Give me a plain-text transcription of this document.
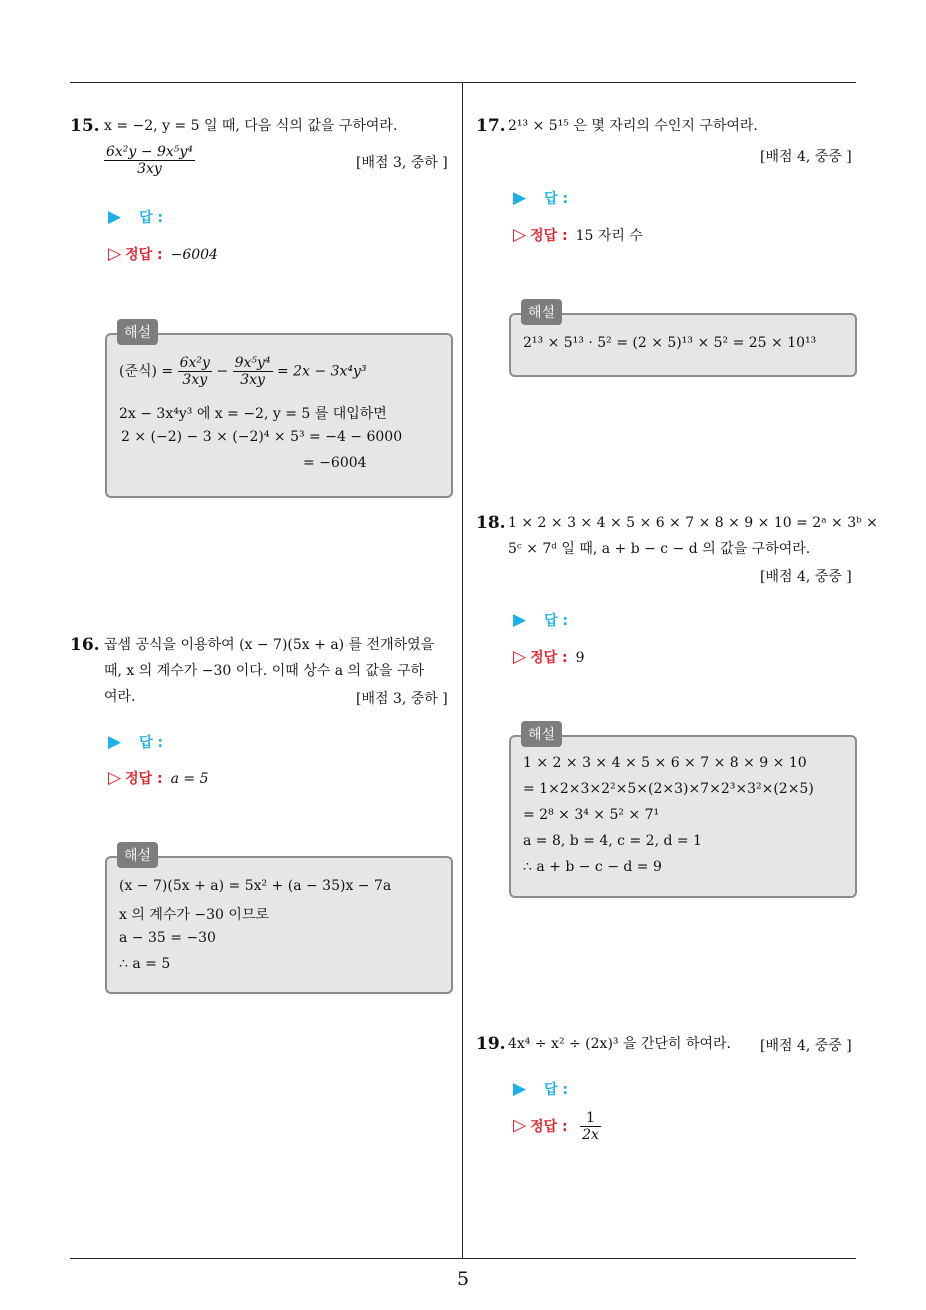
5
15. x = −2, y = 5 일 때, 다음 식의 값을 구하여라.
$\frac{\text{6x²y − 9x⁵y⁴}}{3xy}$	[배점 3, 중하 ]
▶ 답 :
▷ 정답 : −6004
해설
(준식) = $\frac{\text{6x²y}}{3xy} - \frac{\text{9x⁵y⁴}}{3xy} = 2x - 3x^4y^3$
2x − 3x⁴y³ 에 x = −2, y = 5 를 대입하면
2 × (−2) − 3 × (−2)⁴ × 5³ = −4 − 6000
= −6004
16. 곱셈 공식을 이용하여 (x − 7)(5x + a) 를 전개하였을
때, x 의 계수가 −30 이다. 이때 상수 a 의 값을 구하
여라.	[배점 3, 중하 ]
▶ 답 :
▷ 정답 : a = 5
해설
(x − 7)(5x + a) = 5x² + (a − 35)x − 7a
x 의 계수가 −30 이므로
a − 35 = −30
∴ a = 5
17. 2¹³ × 5¹⁵ 은 몇 자리의 수인지 구하여라.
[배점 4, 중중 ]
▶ 답 :
▷ 정답 : 15 자리 수
해설
2¹³ × 5¹³ · 5² = (2 × 5)¹³ × 5² = 25 × 10¹³
18. 1 × 2 × 3 × 4 × 5 × 6 × 7 × 8 × 9 × 10 = 2ᵃ × 3ᵇ ×
5ᶜ × 7ᵈ 일 때, a + b − c − d 의 값을 구하여라.
[배점 4, 중중 ]
▶ 답 :
▷ 정답 : 9
해설
1 × 2 × 3 × 4 × 5 × 6 × 7 × 8 × 9 × 10
= 1×2×3×2²×5×(2×3)×7×2³×3²×(2×5)
= 2⁸ × 3⁴ × 5² × 7¹
a = 8, b = 4, c = 2, d = 1
∴ a + b − c − d = 9
19. 4x⁴ ÷ x² ÷ (2x)³ 을 간단히 하여라. [배점 4, 중중 ]
▶ 답 :
▷ 정답 : $\frac{1}{2x}$
